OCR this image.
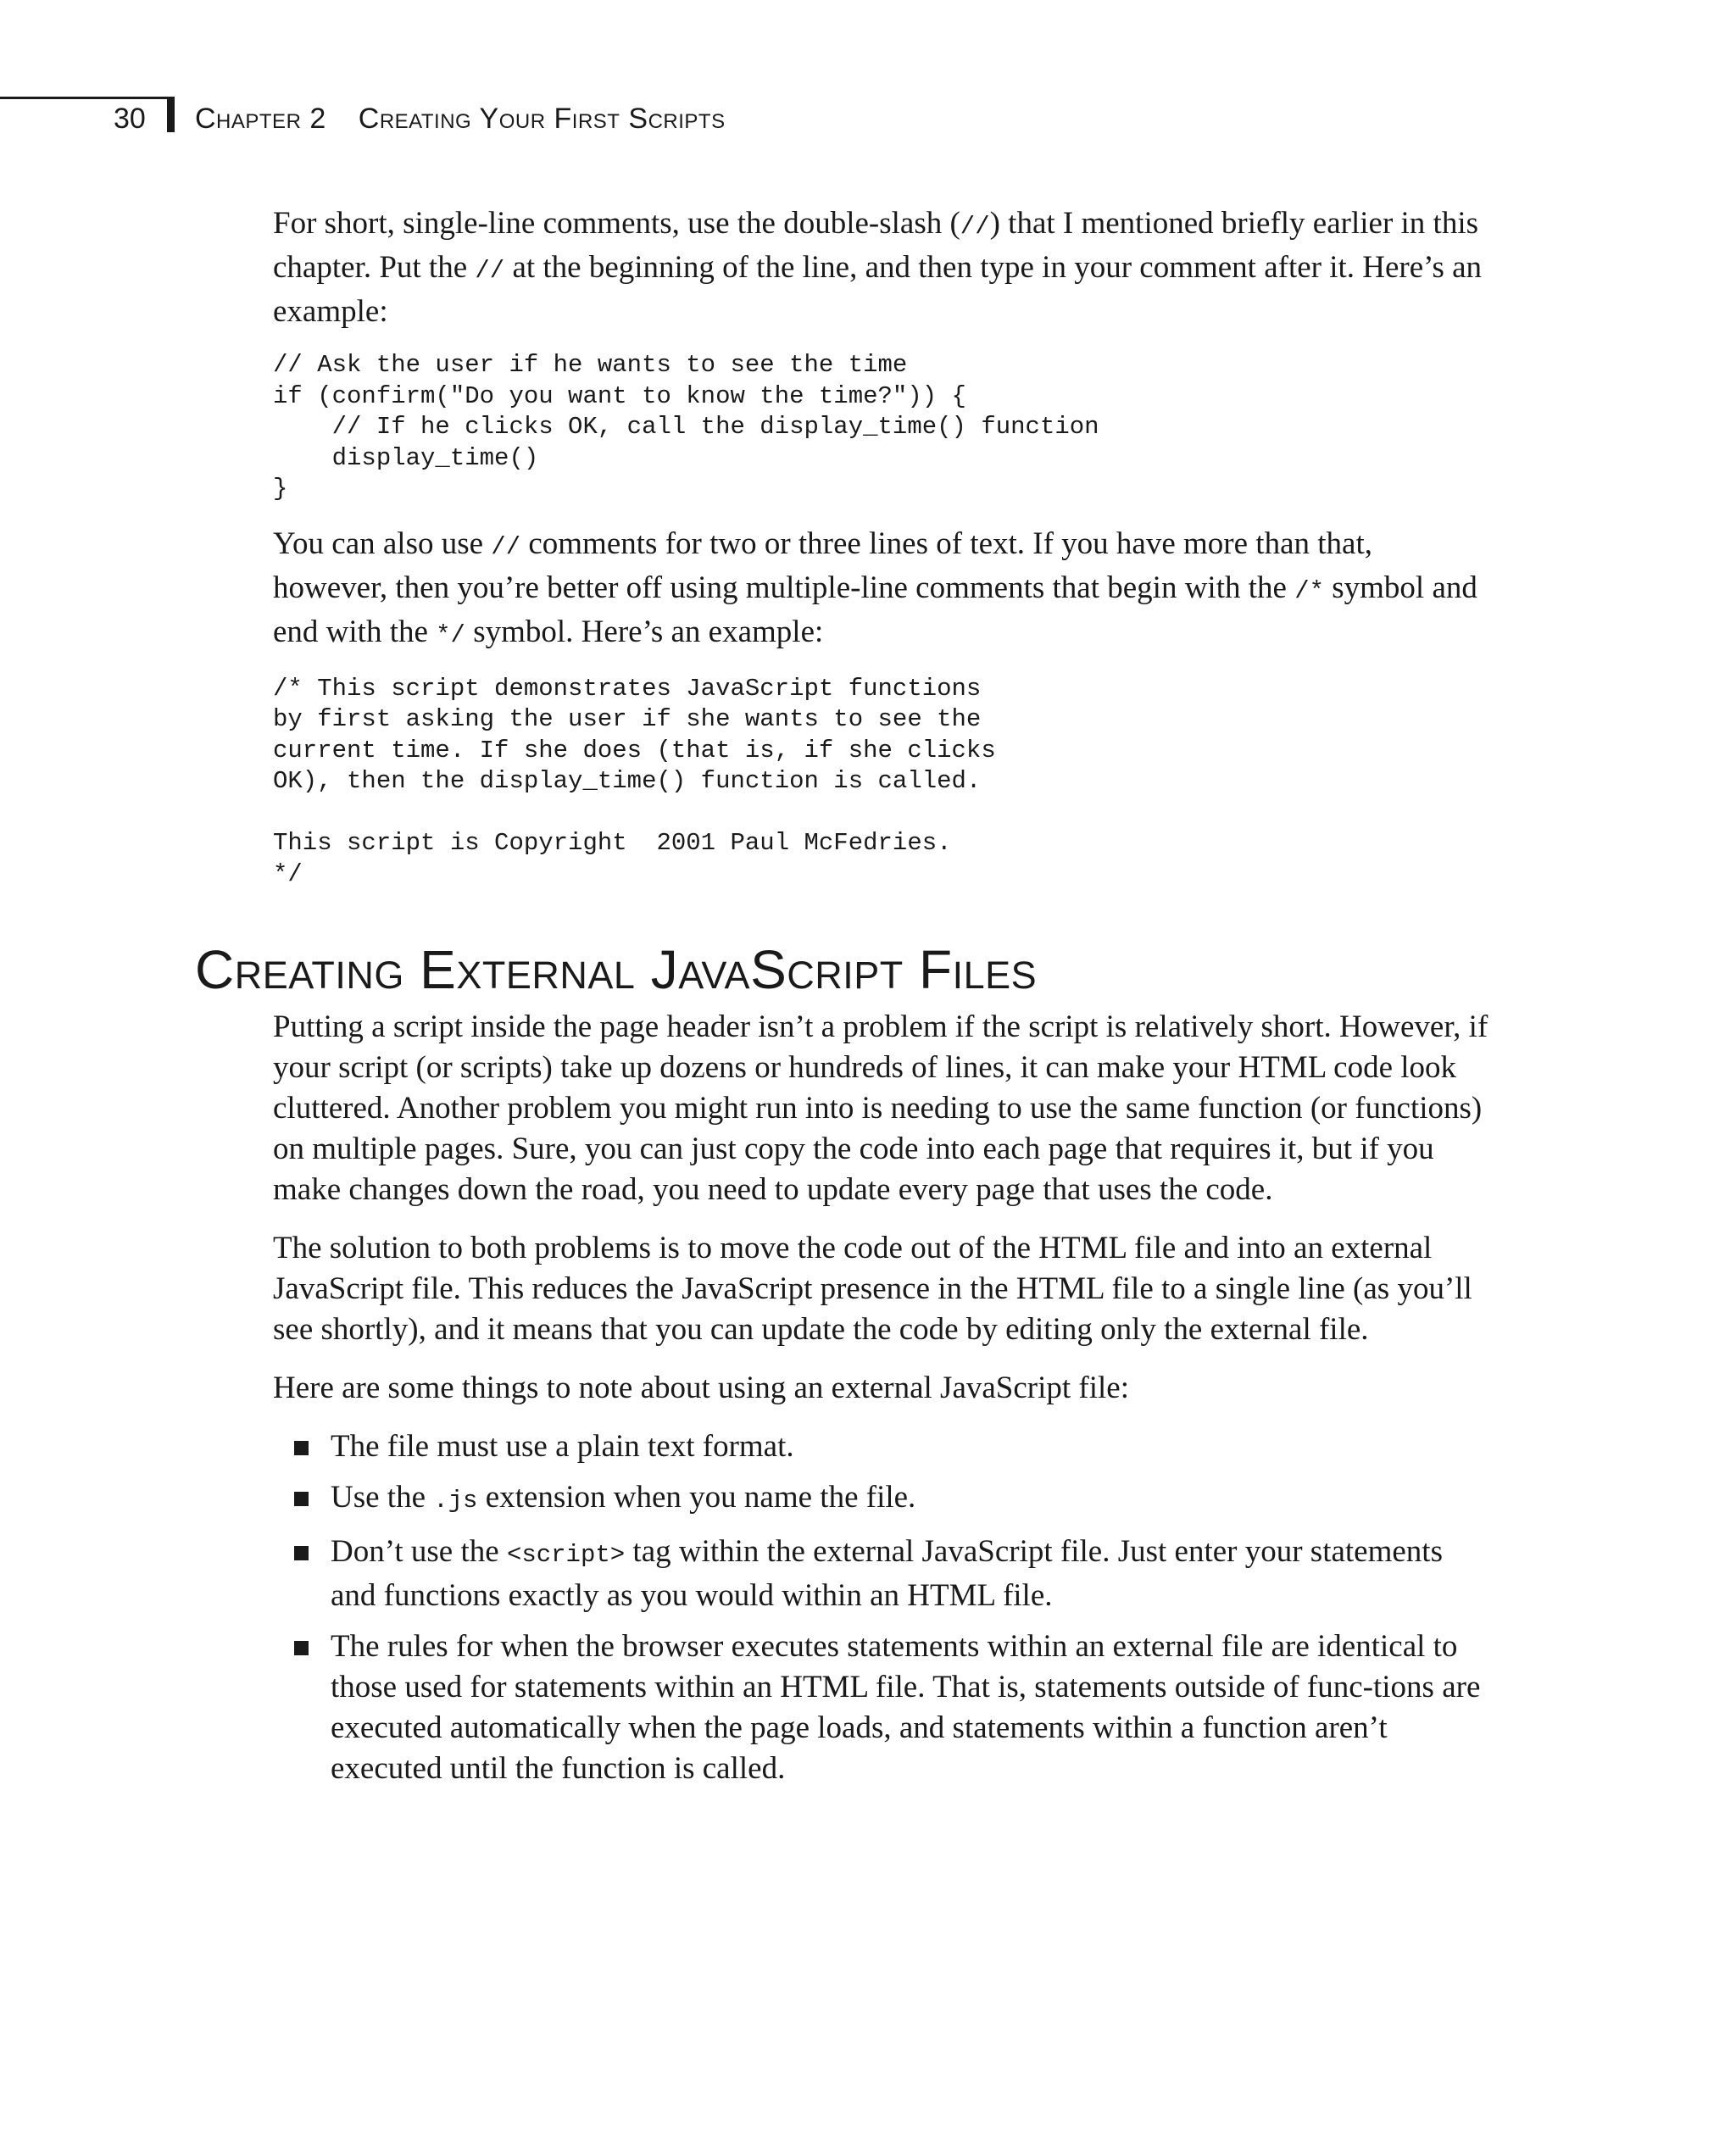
30 Chapter 2 Creating Your First Scripts

For short, single-line comments, use the double-slash (//) that I mentioned briefly earlier in this chapter. Put the // at the beginning of the line, and then type in your comment after it. Here’s an example:

// Ask the user if he wants to see the time
if (confirm("Do you want to know the time?")) {
// If he clicks OK, call the display_time() function
display_time()
}

You can also use // comments for two or three lines of text. If you have more than that, however, then you’re better off using multiple-line comments that begin with the /* symbol and end with the */ symbol. Here’s an example:

/* This script demonstrates JavaScript functions
by first asking the user if she wants to see the
current time. If she does (that is, if she clicks
OK), then the display_time() function is called.

This script is Copyright  2001 Paul McFedries.
*/
Creating External JavaScript Files

Putting a script inside the page header isn’t a problem if the script is relatively short. However, if your script (or scripts) take up dozens or hundreds of lines, it can make your HTML code look cluttered. Another problem you might run into is needing to use the same function (or functions) on multiple pages. Sure, you can just copy the code into each page that requires it, but if you make changes down the road, you need to update every page that uses the code.

The solution to both problems is to move the code out of the HTML file and into an external JavaScript file. This reduces the JavaScript presence in the HTML file to a single line (as you’ll see shortly), and it means that you can update the code by editing only the external file.

Here are some things to note about using an external JavaScript file:

The file must use a plain text format.
Use the .js extension when you name the file.
Don’t use the <script> tag within the external JavaScript file. Just enter your statements and functions exactly as you would within an HTML file.
The rules for when the browser executes statements within an external file are identical to those used for statements within an HTML file. That is, statements outside of func-tions are executed automatically when the page loads, and statements within a function aren’t executed until the function is called.
